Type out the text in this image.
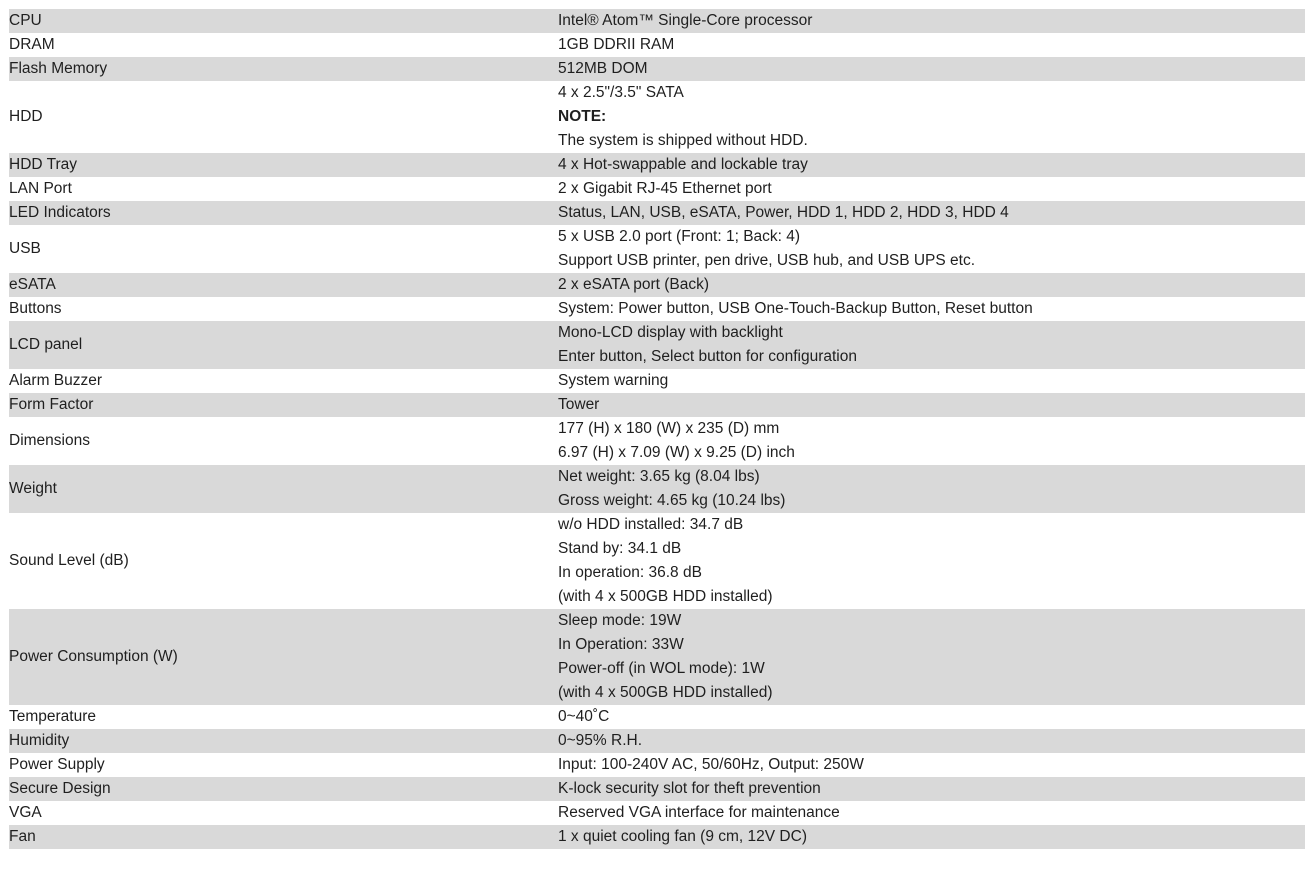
CPU	Intel® Atom™ Single-Core processor

DRAM	1GB DDRII RAM

Flash Memory	512MB DOM

HDD	4 x 2.5"/3.5" SATA
NOTE:
The system is shipped without HDD.

HDD Tray	4 x Hot-swappable and lockable tray

LAN Port	2 x Gigabit RJ-45 Ethernet port

LED Indicators	Status, LAN, USB, eSATA, Power, HDD 1, HDD 2, HDD 3, HDD 4

USB	5 x USB 2.0 port (Front: 1; Back: 4)
Support USB printer, pen drive, USB hub, and USB UPS etc.

eSATA	2 x eSATA port (Back)

Buttons	System: Power button, USB One-Touch-Backup Button, Reset button

LCD panel	Mono-LCD display with backlight
Enter button, Select button for configuration

Alarm Buzzer	System warning

Form Factor	Tower

Dimensions	177 (H) x 180 (W) x 235 (D) mm
6.97 (H) x 7.09 (W) x 9.25 (D) inch

Weight	Net weight: 3.65 kg (8.04 lbs)
Gross weight: 4.65 kg (10.24 lbs)

Sound Level (dB)	w/o HDD installed: 34.7 dB
Stand by: 34.1 dB
In operation: 36.8 dB
(with 4 x 500GB HDD installed)

Power Consumption (W)	Sleep mode: 19W
In Operation: 33W
Power-off (in WOL mode): 1W
(with 4 x 500GB HDD installed)

Temperature	0~40˚C

Humidity	0~95% R.H.

Power Supply	Input: 100-240V AC, 50/60Hz, Output: 250W

Secure Design	K-lock security slot for theft prevention

VGA	Reserved VGA interface for maintenance

Fan	1 x quiet cooling fan (9 cm, 12V DC)
